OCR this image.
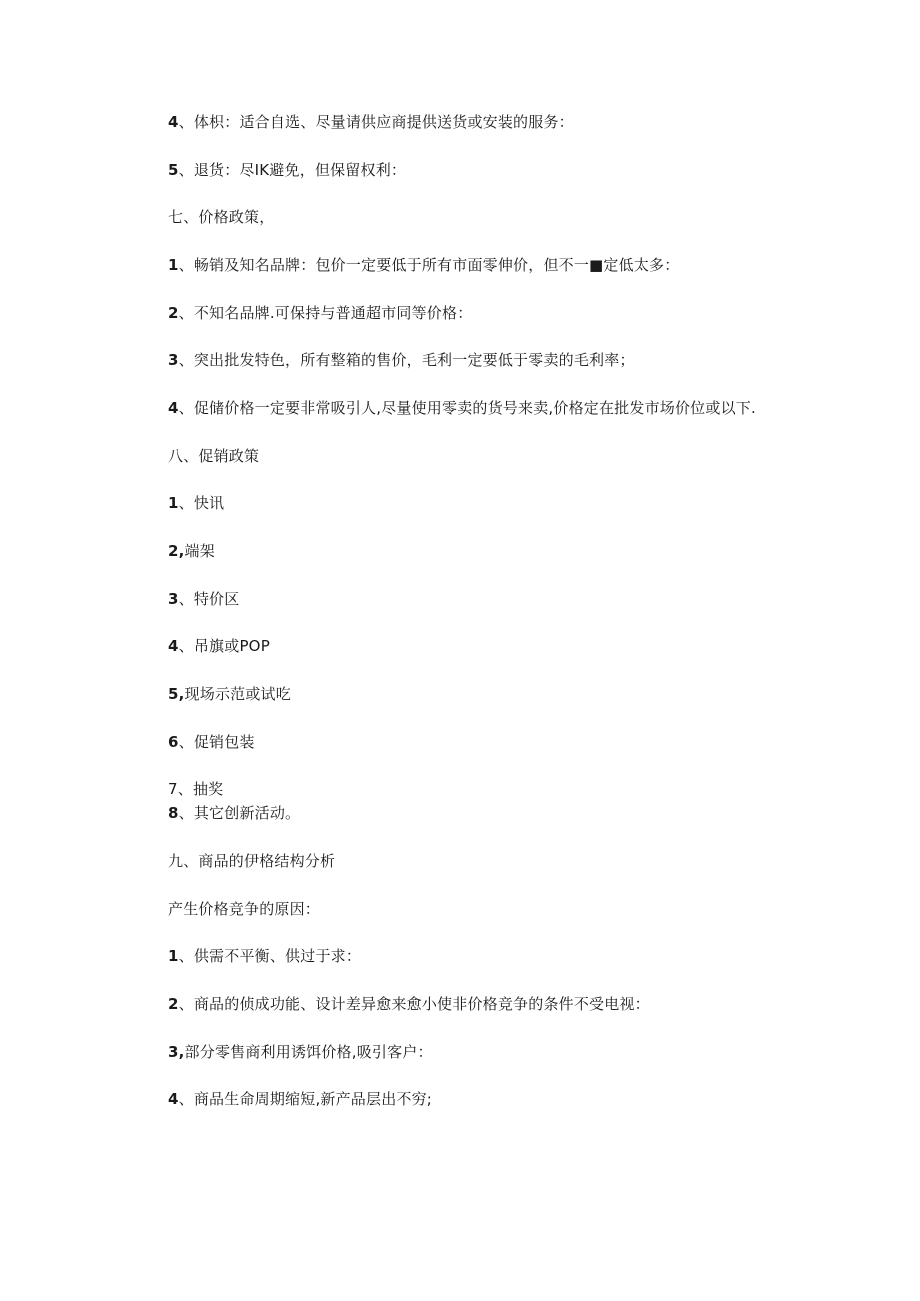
4、体枳：适合自选、尽量请供应商提供送货或安装的服务：
5、退货：尽IK避免，但保留权利：
七、价格政策，
1、畅销及知名品牌：包价一定要低于所有市面零伸价，但不一■定低太多：
2、不知名品牌.可保持与普通超市同等价格：
3、突出批发特色，所有整箱的售价，毛利一定要低于零卖的毛利率；
4、促储价格一定要非常吸引人,尽量使用零卖的货号来卖,价格定在批发市场价位或以下.
八、促销政策
1、快讯
2,端架
3、特价区
4、吊旗或POP
5,现场示范或试吃
6、促销包装
7、抽奖
8、其它创新活动。
九、商品的伊格结构分析
产生价格竞争的原因：
1、供需不平衡、供过于求：
2、商品的侦成功能、设计差异愈来愈小使非价格竞争的条件不受电视：
3,部分零售商利用诱饵价格,吸引客户：
4、商品生命周期缩短,新产品层出不穷;
